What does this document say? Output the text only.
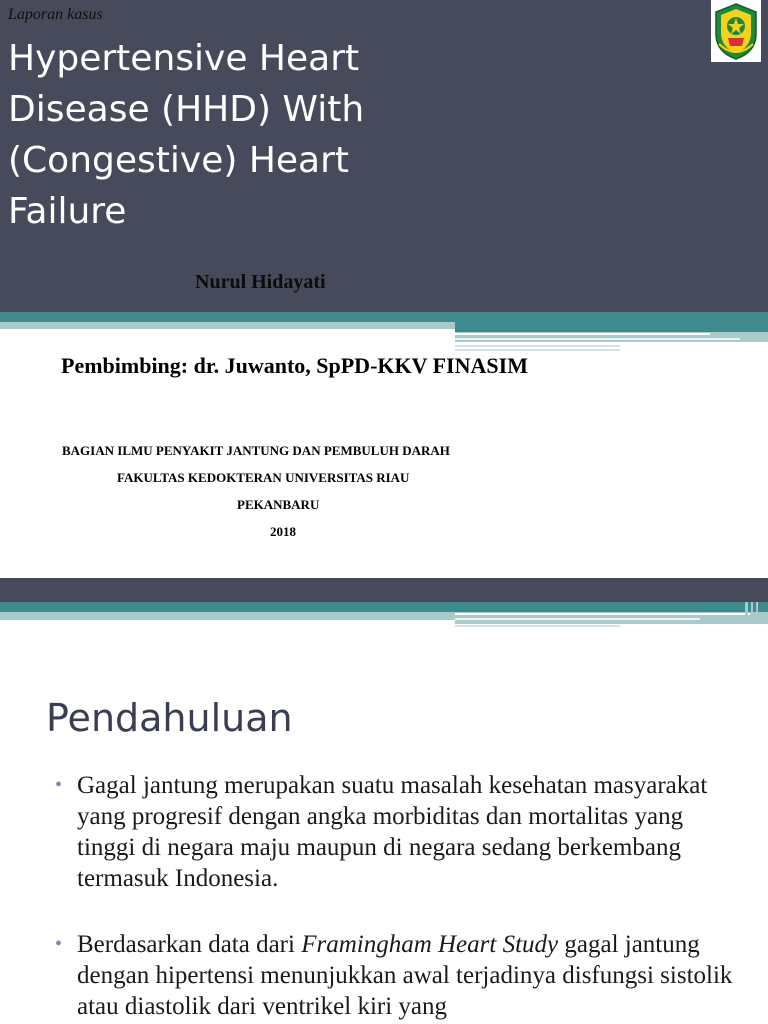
Laporan kasus
Hypertensive Heart
Disease (HHD) With
(Congestive) Heart
Failure
Nurul Hidayati
Pembimbing: dr. Juwanto, SpPD-KKV FINASIM
BAGIAN ILMU PENYAKIT JANTUNG DAN PEMBULUH DARAH
FAKULTAS KEDOKTERAN UNIVERSITAS RIAU
PEKANBARU
2018
Pendahuluan
• Gagal jantung merupakan suatu masalah kesehatan masyarakat yang progresif dengan angka morbiditas dan mortalitas yang tinggi di negara maju maupun di negara sedang berkembang termasuk Indonesia.
• Berdasarkan data dari Framingham Heart Study gagal jantung dengan hipertensi menunjukkan awal terjadinya disfungsi sistolik atau diastolik dari ventrikel kiri yang
